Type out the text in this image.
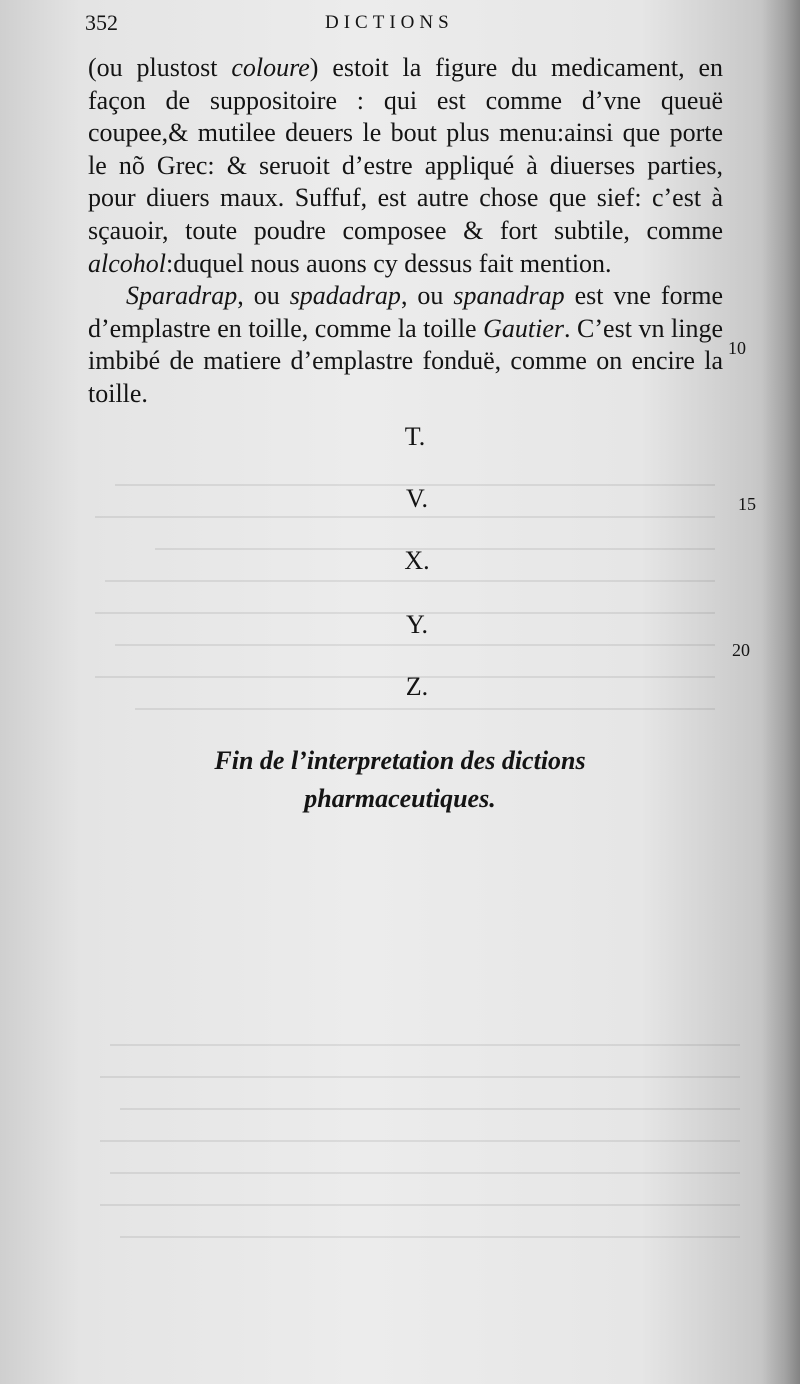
352	DICTIONS

(ou plustost coloure) estoit la figure du medicament, en façon de suppositoire : qui est comme d’vne queuë coupee,& mutilee deuers le bout plus menu:ainsi que porte le nõ Grec: & seruoit d’estre appliqué à diuerses parties, pour diuers maux. Suffuf, est autre chose que sief: c’est à sçauoir, toute poudre composee & fort subtile, comme alcohol:duquel nous auons cy dessus fait mention.

Sparadrap, ou spadadrap, ou spanadrap est vne forme d’emplastre en toille, comme la toille Gautier. C’est vn linge imbibé de matiere d’emplastre fonduë, comme on encire la toille.

10
15
20
T.
V.
X.
Y.
Z.
Fin de l’interpretation des dictions
pharmaceutiques.
